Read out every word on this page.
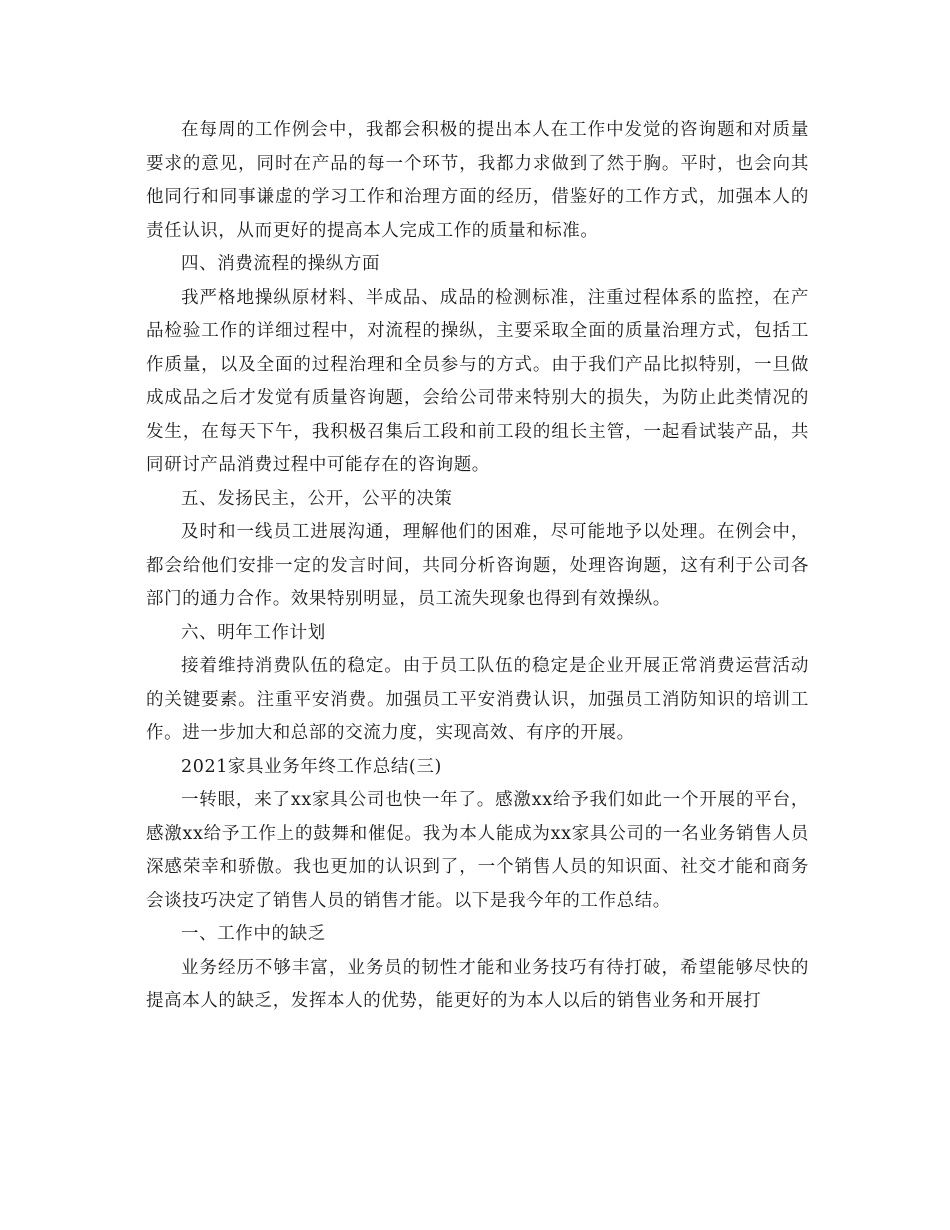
在每周的工作例会中，我都会积极的提出本人在工作中发觉的咨询题和对质量要求的意见，同时在产品的每一个环节，我都力求做到了然于胸。平时，也会向其他同行和同事谦虚的学习工作和治理方面的经历，借鉴好的工作方式，加强本人的责任认识，从而更好的提高本人完成工作的质量和标准。

四、消费流程的操纵方面

我严格地操纵原材料、半成品、成品的检测标准，注重过程体系的监控，在产品检验工作的详细过程中，对流程的操纵，主要采取全面的质量治理方式，包括工作质量，以及全面的过程治理和全员参与的方式。由于我们产品比拟特别，一旦做成成品之后才发觉有质量咨询题，会给公司带来特别大的损失，为防止此类情况的发生，在每天下午，我积极召集后工段和前工段的组长主管，一起看试装产品，共同研讨产品消费过程中可能存在的咨询题。

五、发扬民主，公开，公平的决策

及时和一线员工进展沟通，理解他们的困难，尽可能地予以处理。在例会中，都会给他们安排一定的发言时间，共同分析咨询题，处理咨询题，这有利于公司各部门的通力合作。效果特别明显，员工流失现象也得到有效操纵。

六、明年工作计划

接着维持消费队伍的稳定。由于员工队伍的稳定是企业开展正常消费运营活动的关键要素。注重平安消费。加强员工平安消费认识，加强员工消防知识的培训工作。进一步加大和总部的交流力度，实现高效、有序的开展。

2021家具业务年终工作总结(三)

一转眼，来了xx家具公司也快一年了。感激xx给予我们如此一个开展的平台，感激xx给予工作上的鼓舞和催促。我为本人能成为xx家具公司的一名业务销售人员深感荣幸和骄傲。我也更加的认识到了，一个销售人员的知识面、社交才能和商务会谈技巧决定了销售人员的销售才能。以下是我今年的工作总结。

一、工作中的缺乏

业务经历不够丰富，业务员的韧性才能和业务技巧有待打破，希望能够尽快的提高本人的缺乏，发挥本人的优势，能更好的为本人以后的销售业务和开展打
